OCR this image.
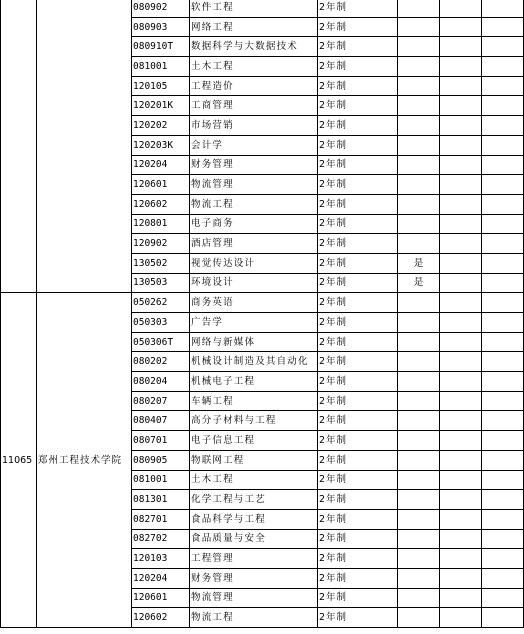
		080902	软件工程	2年制			
		080903	网络工程	2年制			
		080910T	数据科学与大数据技术	2年制			
		081001	土木工程	2年制			
		120105	工程造价	2年制			
		120201K	工商管理	2年制			
		120202	市场营销	2年制			
		120203K	会计学	2年制			
		120204	财务管理	2年制			
		120601	物流管理	2年制			
		120602	物流工程	2年制			
		120801	电子商务	2年制			
		120902	酒店管理	2年制			
		130502	视觉传达设计	2年制	是		
		130503	环境设计	2年制	是		
11065	郑州工程技术学院	050262	商务英语	2年制			
		050303	广告学	2年制			
		050306T	网络与新媒体	2年制			
		080202	机械设计制造及其自动化	2年制			
		080204	机械电子工程	2年制			
		080207	车辆工程	2年制			
		080407	高分子材料与工程	2年制			
		080701	电子信息工程	2年制			
		080905	物联网工程	2年制			
		081001	土木工程	2年制			
		081301	化学工程与工艺	2年制			
		082701	食品科学与工程	2年制			
		082702	食品质量与安全	2年制			
		120103	工程管理	2年制			
		120204	财务管理	2年制			
		120601	物流管理	2年制			
		120602	物流工程	2年制			
